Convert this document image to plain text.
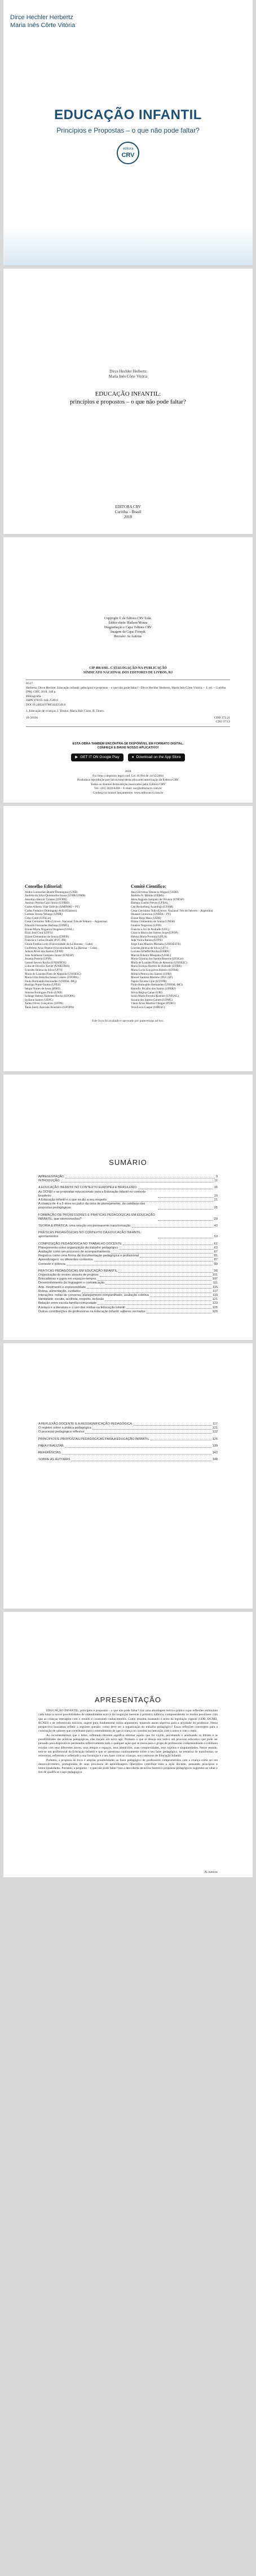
Dirce Hechler Herbertz
Maria Inês Côrte Vitória
EDUCAÇÃO INFANTIL
Princípios e Propostas – o que não pode faltar?
editora
CRV
Dirce Hechler Herbertz
Maria Inês Côrte Vitória
EDUCAÇÃO INFANTIL:
princípios e propostos – o que não pode faltar?
EDITORA CRV
Curitiba – Brasil
2018
Copyright © da Editora CRV Ltda.
Editor-chefe: Railson Moura
Diagramação e Capa: Editora CRV
Imagem da Capa: Freepik
Revisão: As Autoras
CIP-BRASIL. CATALOGAÇÃO-NA-PUBLICAÇÃO
SINDICATO NACIONAL DOS EDITORES DE LIVROS, RJ
H537
Herbertz, Dirce Hechler. Educação infantil: princípios e propostas – o que não pode faltar? / Dirce Hechler Herbertz, Maria Inês Côrte Vitória. – 1. ed. – Curitiba [PR]: CRV, 2018. 148 p.
Bibliografia
ISBN 978-85-444-2549-0
DOI 10.24824/978854442549.0
1. Educação de crianças 2. Títulos. Maria Inês Côrte. II. Títuto.
18-50336	CDD 372.21
CDU 373.2
ESTA OBRA TAMBÉM ENCONTRA-SE DISPONÍVEL EM FORMATO DIGITAL.
CONHEÇA E BAIXE NOSSO APLICATIVO!
▶ GET IT ON Google Play	● Download on the App Store
2018
Foi feito o depósito legal conf. Lei 10.994 de 14/12/2004
Proibida a reprodução parcial ou total desta obra sem autorização da Editora CRV
Todos os direitos desta edição reservados pela: Editora CRV
Tel.: (41) 3039-6418 – E-mail: sac@editoracrv.com.br
Conheça os nossos lançamentos: www.editoracrv.com.br
Conselho Editorial:
Aldira Guimarães Duarte Domínguez (UNB)
Andréia da Silva Quintanilha Sousa (UNIR/UFRN)
Anselmo Alencar Colares (UFOPA)
Antônio Pereira Gaio Júnior (UFRRJ)
Carlos Alberto Vilar Estêvão (UMINHO – PT)
Carlos Federico Dominguez Avila (Unieuro)
Carmen Tereza Velanga (UNIR)
Celso Conti (UFSCar)
Cesar Gerónimo Tello (Univer .Nacional Três de Febrero – Argentina)
Eduardo Fernandes Barbosa (UFMG)
Elione Maria Nogueira Diogenes (UFAL)
Élsio José Corá (UFFS)
Elizeu Clementino de Souza (UNEB)
Francisco Carlos Duarte (PUC-PR)
Gloria Fariñas León (Universidade de La Havana – Cuba)
Guillermo Arias Beatón (Universidade de La Havana – Cuba)
Jailson Alves dos Santos (UFRJ)
João Adalberto Campato Junior (UNESP)
Josania Portela (UFPI)
Leonel Severo Rocha (UNISINOS)
Lidia de Oliveira Xavier (UNIEURO)
Lourdes Helena da Silva (UFV)
Maria de Lourdes Pinto de Almeida (UNOESC)
Maria Lília Imbiriba Sousa Colares (UFOPA)
Paulo Romualdo Hernandes (UNIFAL-MG)
Rodrigo Pratte-Santos (UFES)
Sérgio Nunes de Jesus (IFRO)
Simone Rodrigues Pinto (UNB)
Solange Helena Ximenes-Rocha (UFOPA)
Sydione Santos (UEPG)
Tadeu Oliver Gonçalves (UFPA)
Tania Suely Azevedo Brasileiro (UFOPA)
Comitê Científico:
Ana Chrystina Venancio Mignot (UERJ)
Andréia N. Militão (UEMS)
Anna Augusta Sampaio de Oliveira (UNESP)
Barbara Coelho Neves (UFBA)
Cati Reckelberg Azambuja (UFSM)
Cesar Gerónimo Tello (Univer. Nacional Três de Febrero – Argentina)
Diosnel Centurion (UNIDA – PY)
Eliane Rose Maio (UEM)
Elizeu Clementino de Souza (UNEB)
Fauston Negreiros (UFPI)
Francisco Ari de Andrade (UFC)
Gláucia Maria dos Santos Jorge (UFOP)
Helena Maria Ferreira (UFLA)
Jade Vieira Batista (UFPE)
Jorge Luís Mazzeo Mariano (UNIOESTE)
Lourdes Helena da Silva (UFV)
Luciana Scheffel Rocha (UFRN)
Marcos Ribeiro Mesquita (UFAL)
Maria Cristina dos Santos Bezerra (UFSCar)
Maria de Lourdes Pinto de Almeida (UNOESC)
Maria Eurácia Barreto de Andrade (UFRB)
Maria Lucia Gonçalves Ribeiro (UFBA)
Mônica Pereira dos Santos (UFRJ)
Mosart Santana Marinho (PUC-SP)
Najela Tavares Ujiie (UTFPR)
Paulo Romualdo Hernandes (UNIFAL-MG)
Ramofly Bicalho dos Santos (UFRRJ)
Silvia Regina Canan (URI)
Sonia Maria Ferreira Koehler (UNISAL)
Suzana dos Santos Gomes (UFMG)
Vânia Alves Martins Chaigar (FURG)
Vera Lucia Gaspar (UDESC)
Este livro foi avaliado e aprovado por pareceristas ad hoc.
SUMÁRIO
APRESENTAÇÃO	9
INTRODUÇÃO	11
A EDUCAÇÃO INFANTIL NO CONTEXTO EUROPEU E BRASILEIRO	15
As DCNEI e as propostas educacionais para a Educação Infantil no contexto brasileiro	19
A Educação Infantil e o que se diz a seu respeito	21
A criança de 4 a 5 anos no palco da cena de planejamento, do cotidiano das propostas pedagógicas	25
FORMAÇÃO DE PROFESSORES E PRÁTICAS PEDAGÓGICAS EM EDUCAÇÃO INFANTIL: que interconexões?	29
TEORIA & PRÁTICA: uma relação em permanente transformação	43
PRÁTICAS PEDAGÓGICAS NO CONTEXTO DA EDUCAÇÃO INFANTIL: apontamentos	53
COMPOSIÇÃO PEDAGÓGICA NO TRABALHO DOCENTE	61
Planejamento como organização do trabalho pedagógico	63
Avaliação como um processo de acompanhamento	67
Registros como uma forma de documentação pedagógica e profissional	81
Aprendizagem: os diferentes contextos	87
Contexto e infância	93
PRÁTICAS PEDAGÓGICAS EM EDUCAÇÃO INFANTIL	99
Organização do ensino através de projetos	101
Brincadeiras e jogos em espaços-tempos	107
Desenvolvimento da linguagem e comunicação	111
Arte, movimento e expressividade	115
Rotina, alimentação, cuidados	117
Interações: rodas de conversa, planejamento compartilhado, avaliação coletiva	119
Identidade: escuta, acolhida, respeito, inclusão	121
Relação entre escola-família-comunidade	123
A leitura e a literatura e o uso das mídias na Educação Infantil	125
Outras contribuições de professoras na Educação Infantil: saberes recriados	129
A REFLEXÃO DOCENTE E A RESSIGNIFICAÇÃO PEDAGÓGICA	117
O registro sobre a prática pedagógica	121
O processo pedagógico reflexivo	122
PRINCÍPIOS E PROPOSTAS PEDAGÓGICAS PARA A EDUCAÇÃO INFANTIL	125
PARA FINALIZAR	139
REFERÊNCIAS	143
SOBRE AS AUTORAS	148
APRESENTAÇÃO

EDUCAÇÃO INFANTIL: princípios e propostas – o que não pode faltar? traz uma abordagem teórico-prática cujas reflexões estimulam cada leitor a novos possibilidades de entendimento acerca da cosgnição inerente à primeira infância, compreendendo os modos peculiares com que as crianças interagem com o mundo e constroem conhecimentos. Como ressalta, baseando o texto da legislação vigente (LDB, DCNEI, BCNEI) e de referenciais teóricos, sugere para fundamentar nosso argumento, trazendo assim aspectos para a atividade do professor. Nessa perspectiva buscamos refletir a seguinte questão: como deve ser a organização do trabalho pedagógico? Essas reflexões convergem para a construção de saberes que contribuem para o entendimento de que a criança se constitui na interação com o outro e com o meio.

Ao recomendarmos que o leitor, refletindo docente significa retomar aquilo que foi vivido, percebendo e analisando os limites e as possibilidades das práticas pedagógicas, elas traçam um novo agir. Portanto o que se deseja nos indica um processo educativo que pode ser pensado para dispositivos permeados reflexivamente tudo o qualquer ação que se insira para o grupo de professores compreendendo o cotidiano escolar com seus diferentes atores, seus tempos e espaços, seus obstáculos, suas complexidades, seus sujeitos e singularidades. Nesse sentido, tem-se um profissional da Educação Infantil e que se questiona continuamente sobre o seu fazer pedagógico, na tentativa de transformar, se reinventar, refletindo e refletindo a sua formação e o seu fazer com as crianças, nos contextos de Educação Infantil.

Portanto, a proposta do livro é ampliar possibilidades ao fazer pedagógico de professores comprometidos com a criança como ser em desenvolvimento, protagonista de seus processos de aprendizagem. Queremos contribuir com a ação docente, pensando princípios e intencionalidades. Portanto, a pergunta – o que não pode faltar? nos a descoberta de novos fazeres e propostas pedagógicos sugeridos ao olhar e fim de qualificar o agir pedagógico.

As autoras
